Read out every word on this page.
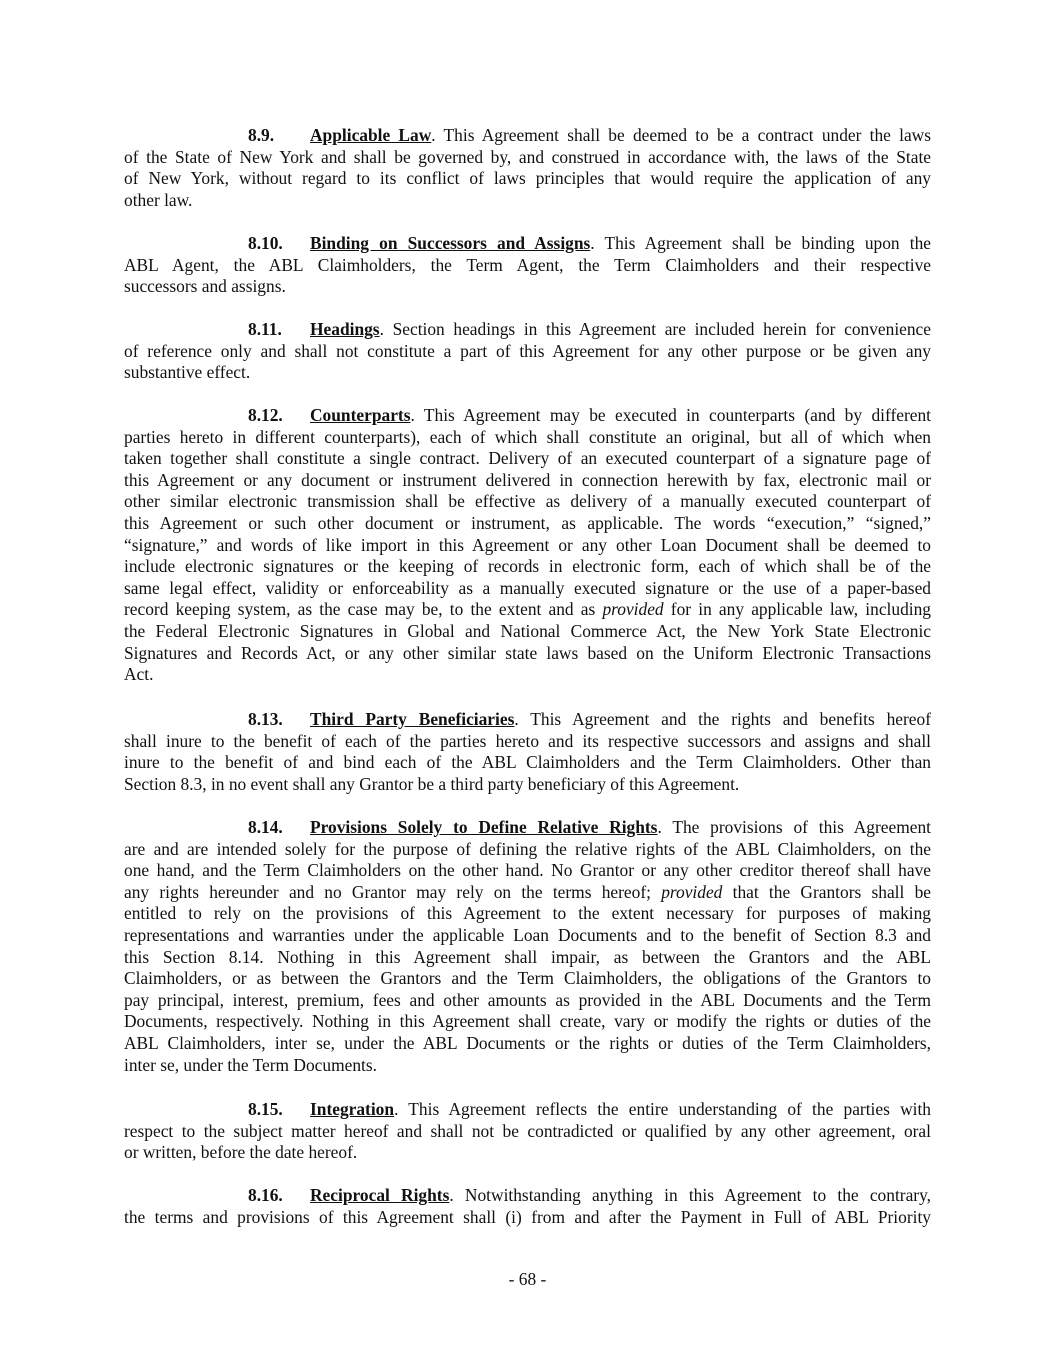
8.9. Applicable Law. This Agreement shall be deemed to be a contract under the laws
of the State of New York and shall be governed by, and construed in accordance with, the laws of the State
of New York, without regard to its conflict of laws principles that would require the application of any
other law.
8.10. Binding on Successors and Assigns. This Agreement shall be binding upon the
ABL Agent, the ABL Claimholders, the Term Agent, the Term Claimholders and their respective
successors and assigns.
8.11. Headings. Section headings in this Agreement are included herein for convenience
of reference only and shall not constitute a part of this Agreement for any other purpose or be given any
substantive effect.
8.12. Counterparts. This Agreement may be executed in counterparts (and by different
parties hereto in different counterparts), each of which shall constitute an original, but all of which when
taken together shall constitute a single contract. Delivery of an executed counterpart of a signature page of
this Agreement or any document or instrument delivered in connection herewith by fax, electronic mail or
other similar electronic transmission shall be effective as delivery of a manually executed counterpart of
this Agreement or such other document or instrument, as applicable. The words “execution,” “signed,”
“signature,” and words of like import in this Agreement or any other Loan Document shall be deemed to
include electronic signatures or the keeping of records in electronic form, each of which shall be of the
same legal effect, validity or enforceability as a manually executed signature or the use of a paper-based
record keeping system, as the case may be, to the extent and as provided for in any applicable law, including
the Federal Electronic Signatures in Global and National Commerce Act, the New York State Electronic
Signatures and Records Act, or any other similar state laws based on the Uniform Electronic Transactions
Act.
8.13. Third Party Beneficiaries. This Agreement and the rights and benefits hereof
shall inure to the benefit of each of the parties hereto and its respective successors and assigns and shall
inure to the benefit of and bind each of the ABL Claimholders and the Term Claimholders. Other than
Section 8.3, in no event shall any Grantor be a third party beneficiary of this Agreement.
8.14. Provisions Solely to Define Relative Rights. The provisions of this Agreement
are and are intended solely for the purpose of defining the relative rights of the ABL Claimholders, on the
one hand, and the Term Claimholders on the other hand. No Grantor or any other creditor thereof shall have
any rights hereunder and no Grantor may rely on the terms hereof; provided that the Grantors shall be
entitled to rely on the provisions of this Agreement to the extent necessary for purposes of making
representations and warranties under the applicable Loan Documents and to the benefit of Section 8.3 and
this Section 8.14. Nothing in this Agreement shall impair, as between the Grantors and the ABL
Claimholders, or as between the Grantors and the Term Claimholders, the obligations of the Grantors to
pay principal, interest, premium, fees and other amounts as provided in the ABL Documents and the Term
Documents, respectively. Nothing in this Agreement shall create, vary or modify the rights or duties of the
ABL Claimholders, inter se, under the ABL Documents or the rights or duties of the Term Claimholders,
inter se, under the Term Documents.
8.15. Integration. This Agreement reflects the entire understanding of the parties with
respect to the subject matter hereof and shall not be contradicted or qualified by any other agreement, oral
or written, before the date hereof.
8.16. Reciprocal Rights. Notwithstanding anything in this Agreement to the contrary,
the terms and provisions of this Agreement shall (i) from and after the Payment in Full of ABL Priority
- 68 -
